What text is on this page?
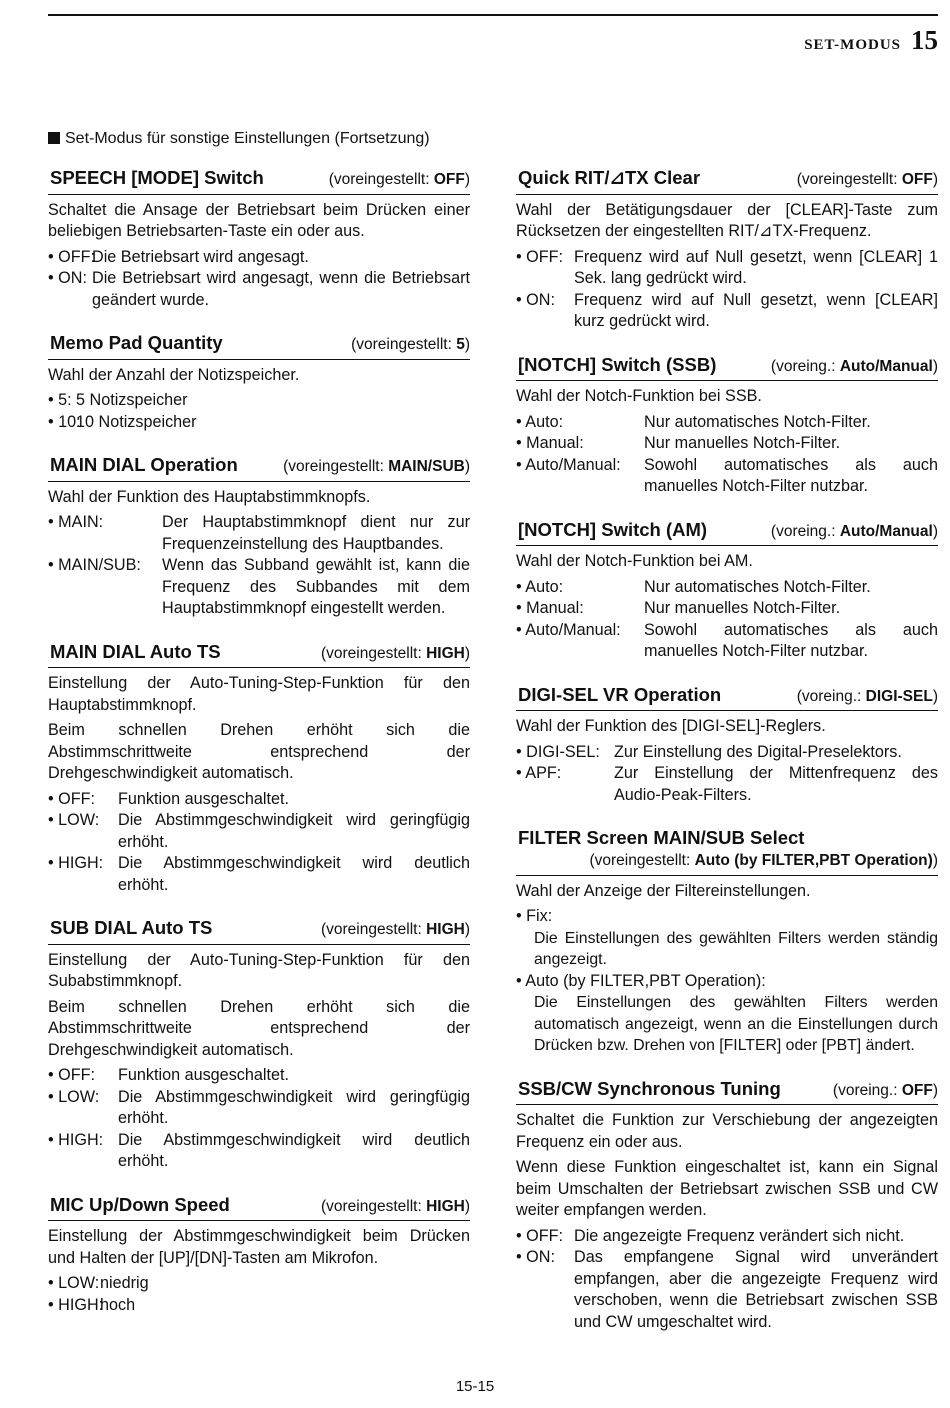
SET-MODUS 15
Set-Modus für sonstige Einstellungen (Fortsetzung)
SPEECH [MODE] Switch	(voreingestellt: OFF)

Schaltet die Ansage der Betriebsart beim Drücken einer beliebigen Betriebsarten-Taste ein oder aus.

• OFF:
Die Betriebsart wird angesagt.
• ON: Die Betriebsart wird angesagt, wenn die Betriebsart geändert wurde.
Memo Pad Quantity	(voreingestellt: 5)

Wahl der Anzahl der Notizspeicher.

• 5: 5 Notizspeicher
• 10:
10 Notizspeicher
MAIN DIAL Operation	(voreingestellt: MAIN/SUB)

Wahl der Funktion des Hauptabstimmknopfs.

• MAIN:	Der Hauptabstimmknopf dient nur zur Frequenzeinstellung des Hauptbandes.
• MAIN/SUB:	Wenn das Subband gewählt ist, kann die Frequenz des Subbandes mit dem Hauptabstimmknopf eingestellt werden.
MAIN DIAL Auto TS	(voreingestellt: HIGH)

Einstellung der Auto-Tuning-Step-Funktion für den Hauptabstimmknopf.

Beim schnellen Drehen erhöht sich die Abstimmschrittweite entsprechend der Drehgeschwindigkeit automatisch.

• OFF:	Funktion ausgeschaltet.
• LOW:	Die Abstimmgeschwindigkeit wird geringfügig erhöht.
• HIGH: Die Abstimmgeschwindigkeit wird deutlich erhöht.
SUB DIAL Auto TS	(voreingestellt: HIGH)

Einstellung der Auto-Tuning-Step-Funktion für den Subabstimmknopf.

Beim schnellen Drehen erhöht sich die Abstimmschrittweite entsprechend der Drehgeschwindigkeit automatisch.

• OFF:	Funktion ausgeschaltet.
• LOW:	Die Abstimmgeschwindigkeit wird geringfügig erhöht.
• HIGH: Die Abstimmgeschwindigkeit wird deutlich erhöht.
MIC Up/Down Speed	(voreingestellt: HIGH)

Einstellung der Abstimmgeschwindigkeit beim Drücken und Halten der [UP]/[DN]-Tasten am Mikrofon.

• LOW: niedrig
• HIGH:
hoch
Quick RIT/⊿TX Clear	(voreingestellt: OFF)

Wahl der Betätigungsdauer der [CLEAR]-Taste zum Rücksetzen der eingestellten RIT/⊿TX-Frequenz.

• OFF: Frequenz wird auf Null gesetzt, wenn [CLEAR] 1 Sek. lang gedrückt wird.
• ON:	Frequenz wird auf Null gesetzt, wenn [CLEAR] kurz gedrückt wird.
[NOTCH] Switch (SSB)	(voreing.: Auto/Manual)

Wahl der Notch-Funktion bei SSB.

• Auto:	Nur automatisches Notch-Filter.
• Manual:	Nur manuelles Notch-Filter.
• Auto/Manual:	Sowohl automatisches als auch manuelles Notch-Filter nutzbar.
[NOTCH] Switch (AM)	(voreing.: Auto/Manual)

Wahl der Notch-Funktion bei AM.

• Auto:	Nur automatisches Notch-Filter.
• Manual:	Nur manuelles Notch-Filter.
• Auto/Manual:	Sowohl automatisches als auch manuelles Notch-Filter nutzbar.
DIGI-SEL VR Operation	(voreing.: DIGI-SEL)

Wahl der Funktion des [DIGI-SEL]-Reglers.

• DIGI-SEL: Zur Einstellung des Digital-Preselektors.
• APF:	Zur Einstellung der Mittenfrequenz des Audio-Peak-Filters.
FILTER Screen MAIN/SUB Select
(voreingestellt: Auto (by FILTER,PBT Operation))

Wahl der Anzeige der Filtereinstellungen.

• Fix:
Die Einstellungen des gewählten Filters werden ständig angezeigt.
• Auto (by FILTER,PBT Operation):
Die Einstellungen des gewählten Filters werden automatisch angezeigt, wenn an die Einstellungen durch Drücken bzw. Drehen von [FILTER] oder [PBT] ändert.
SSB/CW Synchronous Tuning	(voreing.: OFF)

Schaltet die Funktion zur Verschiebung der angezeigten Frequenz ein oder aus.

Wenn diese Funktion eingeschaltet ist, kann ein Signal beim Umschalten der Betriebsart zwischen SSB und CW weiter empfangen werden.

• OFF: Die angezeigte Frequenz verändert sich nicht.
• ON:	Das empfangene Signal wird unverändert empfangen, aber die angezeigte Frequenz wird verschoben, wenn die Betriebsart zwischen SSB und CW umgeschaltet wird.
15-15
